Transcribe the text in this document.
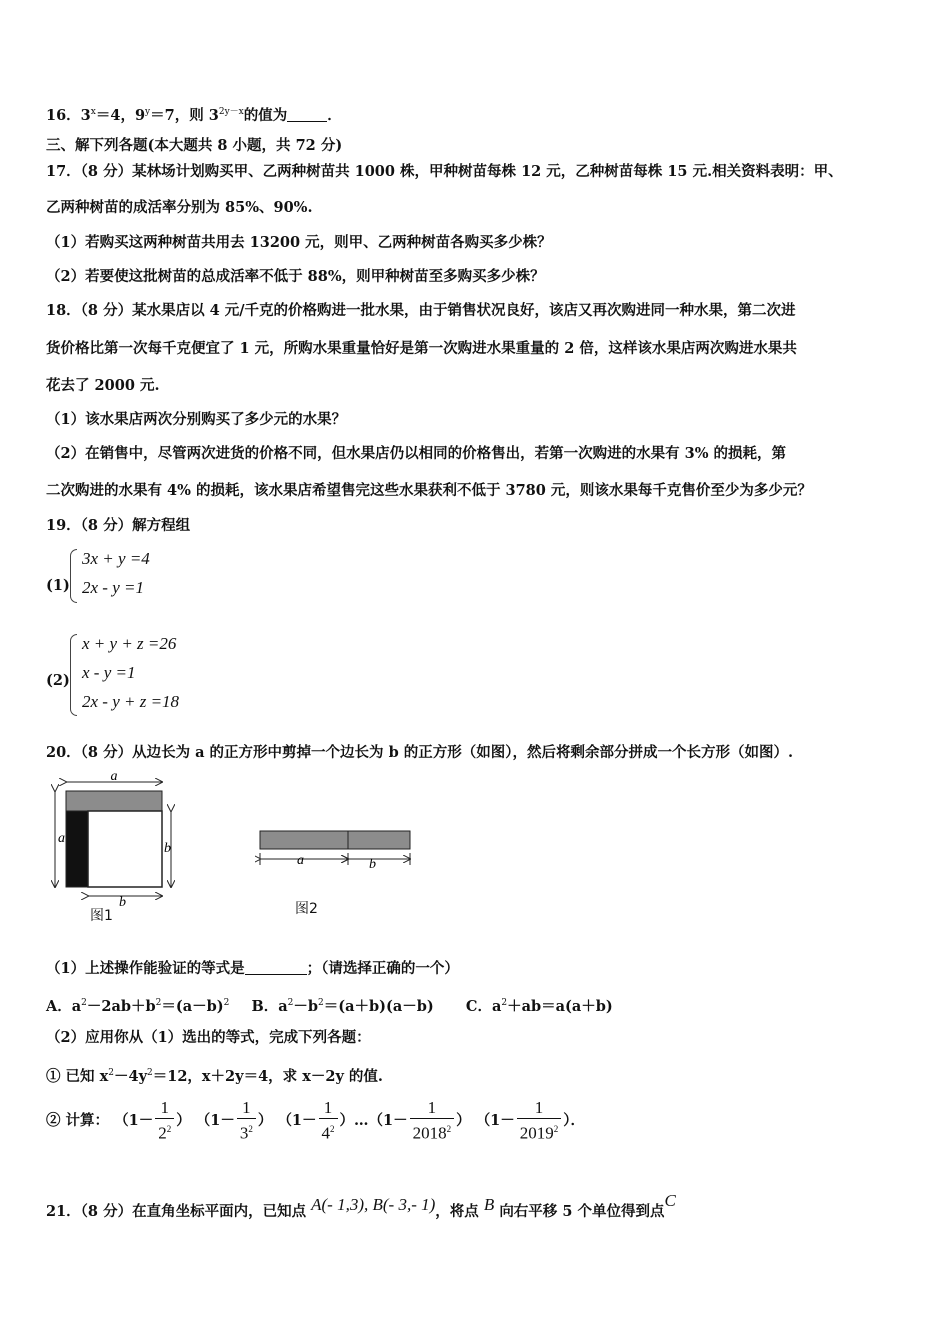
16．$3^x=4$，$9^y=7$，则 $3^{2y-x}$的值为	．
三、解下列各题(本大题共 8 小题，共 72 分)
17．（8 分）某林场计划购买甲、乙两种树苗共 1000 株，甲种树苗每株 12 元，乙种树苗每株 15 元.相关资料表明：甲、
乙两种树苗的成活率分别为 85%、90%.
（1）若购买这两种树苗共用去 13200 元，则甲、乙两种树苗各购买多少株？
（2）若要使这批树苗的总成活率不低于 88%，则甲种树苗至多购买多少株？
18．（8 分）某水果店以 4 元/千克的价格购进一批水果，由于销售状况良好，该店又再次购进同一种水果，第二次进
货价格比第一次每千克便宜了 1 元，所购水果重量恰好是第一次购进水果重量的 2 倍，这样该水果店两次购进水果共
花去了 2000 元.
（1）该水果店两次分别购买了多少元的水果？
（2）在销售中，尽管两次进货的价格不同，但水果店仍以相同的价格售出，若第一次购进的水果有 3% 的损耗，第
二次购进的水果有 4% 的损耗，该水果店希望售完这些水果获利不低于 3780 元，则该水果每千克售价至少为多少元？
19．（8 分）解方程组
(1)
3x + y =4
2x - y =1
(2)
x + y + z =26
x - y =1
2x - y + z =18
20．（8 分）从边长为 a 的正方形中剪掉一个边长为 b 的正方形（如图），然后将剩余部分拼成一个长方形（如图）.
a
a
b
b
图1
a	b
图2
（1）上述操作能验证的等式是	；（请选择正确的一个）
A．$a^2-2ab+b^2=(a-b)^2$ B．$a^2-b^2=(a+b)(a-b)$ C．$a^2+ab=a(a+b)$
（2）应用你从（1）选出的等式，完成下列各题：
① 已知 $x^2-4y^2=12$，x＋2y＝4，求 x－2y 的值.
② 计算： （$1- \frac{1}{2^2}$ ） （$1- \frac{1}{3^2}$ ） （$1- \frac{1}{4^2}$ ）…（1－ $\frac{1}{2018^2}$ ） （$1- \frac{1}{2019^2}$ ）．
21．（8 分）在直角坐标平面内，已知点 A(- 1,3), B(- 3,- 1)，将点 B 向右平移 5 个单位得到点C
